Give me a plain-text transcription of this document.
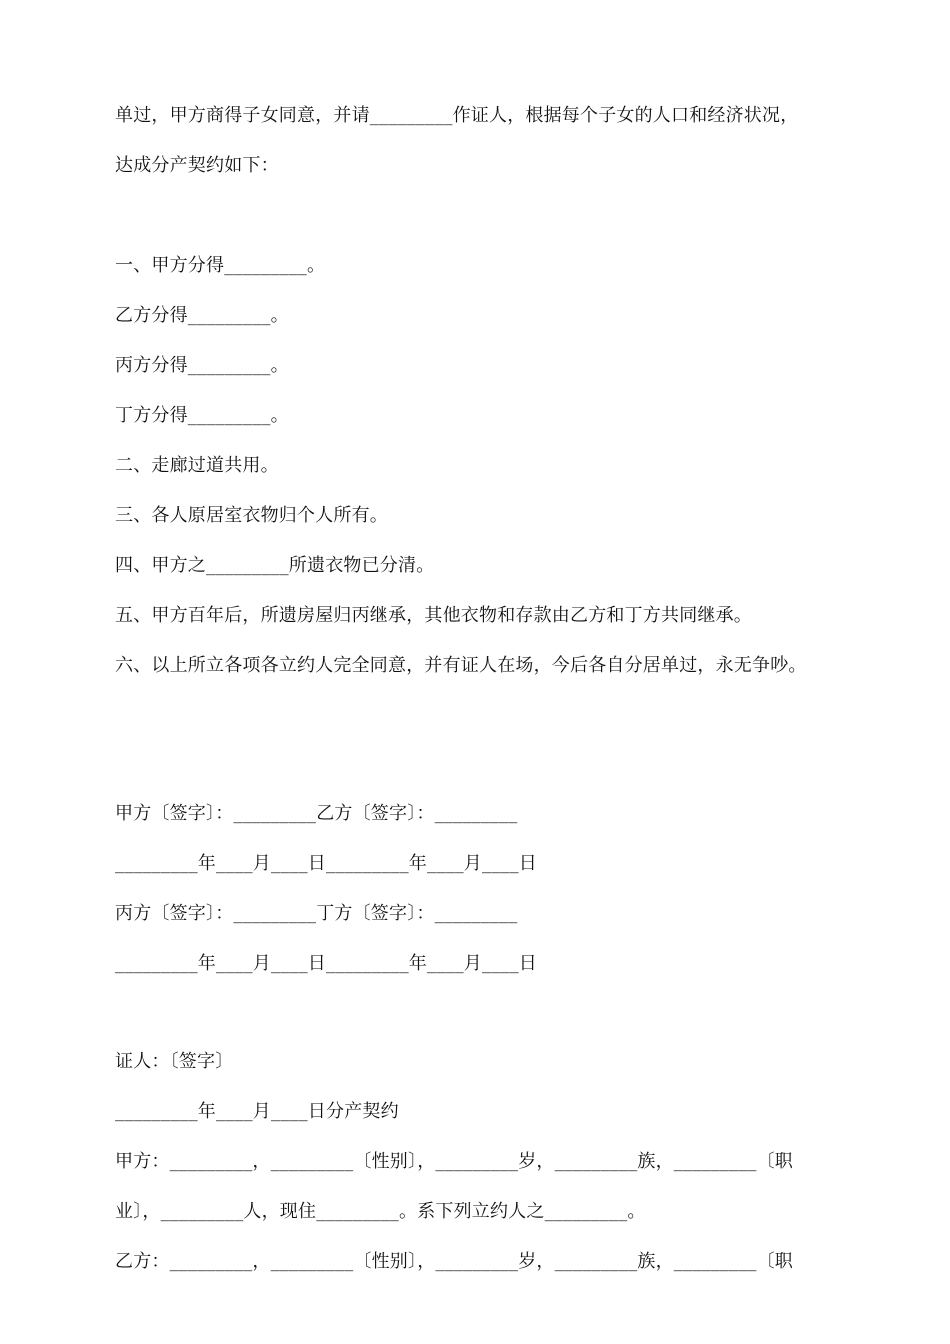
单过，甲方商得子女同意，并请_________作证人，根据每个子女的人口和经济状况，
达成分产契约如下：
一、甲方分得_________。
乙方分得_________。
丙方分得_________。
丁方分得_________。
二、走廊过道共用。
三、各人原居室衣物归个人所有。
四、甲方之_________所遗衣物已分清。
五、甲方百年后，所遗房屋归丙继承，其他衣物和存款由乙方和丁方共同继承。
六、以上所立各项各立约人完全同意，并有证人在场，今后各自分居单过，永无争吵。
甲方〔签字〕：_________乙方〔签字〕：_________
_________年____月____日_________年____月____日
丙方〔签字〕：_________丁方〔签字〕：_________
_________年____月____日_________年____月____日
证人：〔签字〕
_________年____月____日分产契约
甲方：_________，_________〔性别〕，_________岁，_________族，_________〔职
业〕，_________人，现住_________。系下列立约人之_________。
乙方：_________，_________〔性别〕，_________岁，_________族，_________〔职
